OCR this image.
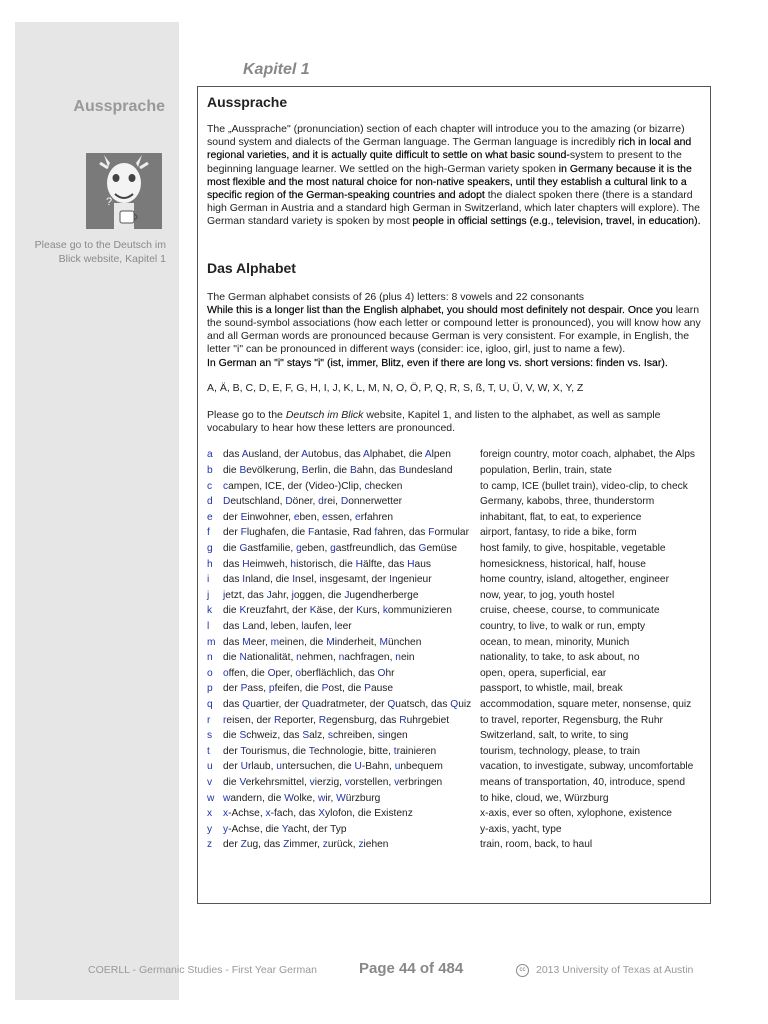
Kapitel 1
Aussprache
?
Please go to the Deutsch im Blick website, Kapitel 1
Aussprache

The „Aussprache" (pronunciation) section of each chapter will introduce you to the amazing (or bizarre) sound system and dialects of the German language. The German language is incredibly rich in local and regional varieties, and it is actually quite difficult to settle on what basic sound-system to present to the beginning language learner. We settled on the high-German variety spoken in Germany because it is the most flexible and the most natural choice for non-native speakers, until they establish a cultural link to a specific region of the German-speaking countries and adopt the dialect spoken there (there is a standard high German in Austria and a standard high German in Switzerland, which later chapters will explore). The German standard variety is spoken by most people in official settings (e.g., television, travel, in education).

Das Alphabet

The German alphabet consists of 26 (plus 4) letters: 8 vowels and 22 consonants
While this is a longer list than the English alphabet, you should most definitely not despair. Once you learn the sound-symbol associations (how each letter or compound letter is pronounced), you will know how any and all German words are pronounced because German is very consistent. For example, in English, the letter "i" can be pronounced in different ways (consider: ice, igloo, girl, just to name a few).
In German an "i" stays "i" (ist, immer, Blitz, even if there are long vs. short versions: finden vs. Isar).

A, Ä, B, C, D, E, F, G, H, I, J, K, L, M, N, O, Ö, P, Q, R, S, ß, T, U, Ü, V, W, X, Y, Z

Please go to the Deutsch im Blick website, Kapitel 1, and listen to the alphabet, as well as sample vocabulary to hear how these letters are pronounced.

a	das Ausland, der Autobus, das Alphabet, die Alpen	foreign country, motor coach, alphabet, the Alps
b	die Bevölkerung, Berlin, die Bahn, das Bundesland	population, Berlin, train, state
c	campen, ICE, der (Video-)Clip, checken	to camp, ICE (bullet train), video-clip, to check
d	Deutschland, Döner, drei, Donnerwetter	Germany, kabobs, three, thunderstorm
e	der Einwohner, eben, essen, erfahren	inhabitant, flat, to eat, to experience
f	der Flughafen, die Fantasie, Rad fahren, das Formular	airport, fantasy, to ride a bike, form
g	die Gastfamilie, geben, gastfreundlich, das Gemüse	host family, to give, hospitable, vegetable
h	das Heimweh, historisch, die Hälfte, das Haus	homesickness, historical, half, house
i	das Inland, die Insel, insgesamt, der Ingenieur	home country, island, altogether, engineer
j	jetzt, das Jahr, joggen, die Jugendherberge	now, year, to jog, youth hostel
k	die Kreuzfahrt, der Käse, der Kurs, kommunizieren	cruise, cheese, course, to communicate
l	das Land, leben, laufen, leer	country, to live, to walk or run, empty
m	das Meer, meinen, die Minderheit, München	ocean, to mean, minority, Munich
n	die Nationalität, nehmen, nachfragen, nein	nationality, to take, to ask about, no
o	offen, die Oper, oberflächlich, das Ohr	open, opera, superficial, ear
p	der Pass, pfeifen, die Post, die Pause	passport, to whistle, mail, break
q	das Quartier, der Quadratmeter, der Quatsch, das Quiz	accommodation, square meter, nonsense, quiz
r	reisen, der Reporter, Regensburg, das Ruhrgebiet	to travel, reporter, Regensburg, the Ruhr
s	die Schweiz, das Salz, schreiben, singen	Switzerland, salt, to write, to sing
t	der Tourismus, die Technologie, bitte, trainieren	tourism, technology, please, to train
u	der Urlaub, untersuchen, die U-Bahn, unbequem	vacation, to investigate, subway, uncomfortable
v	die Verkehrsmittel, vierzig, vorstellen, verbringen	means of transportation, 40, introduce, spend
w	wandern, die Wolke, wir, Würzburg	to hike, cloud, we, Würzburg
x	x-Achse, x-fach, das Xylofon, die Existenz	x-axis, ever so often, xylophone, existence
y	y-Achse, die Yacht, der Typ	y-axis, yacht, type
z	der Zug, das Zimmer, zurück, ziehen	train, room, back, to haul
COERLL - Germanic Studies - First Year German	Page 44 of 484	cc	2013 University of Texas at Austin
